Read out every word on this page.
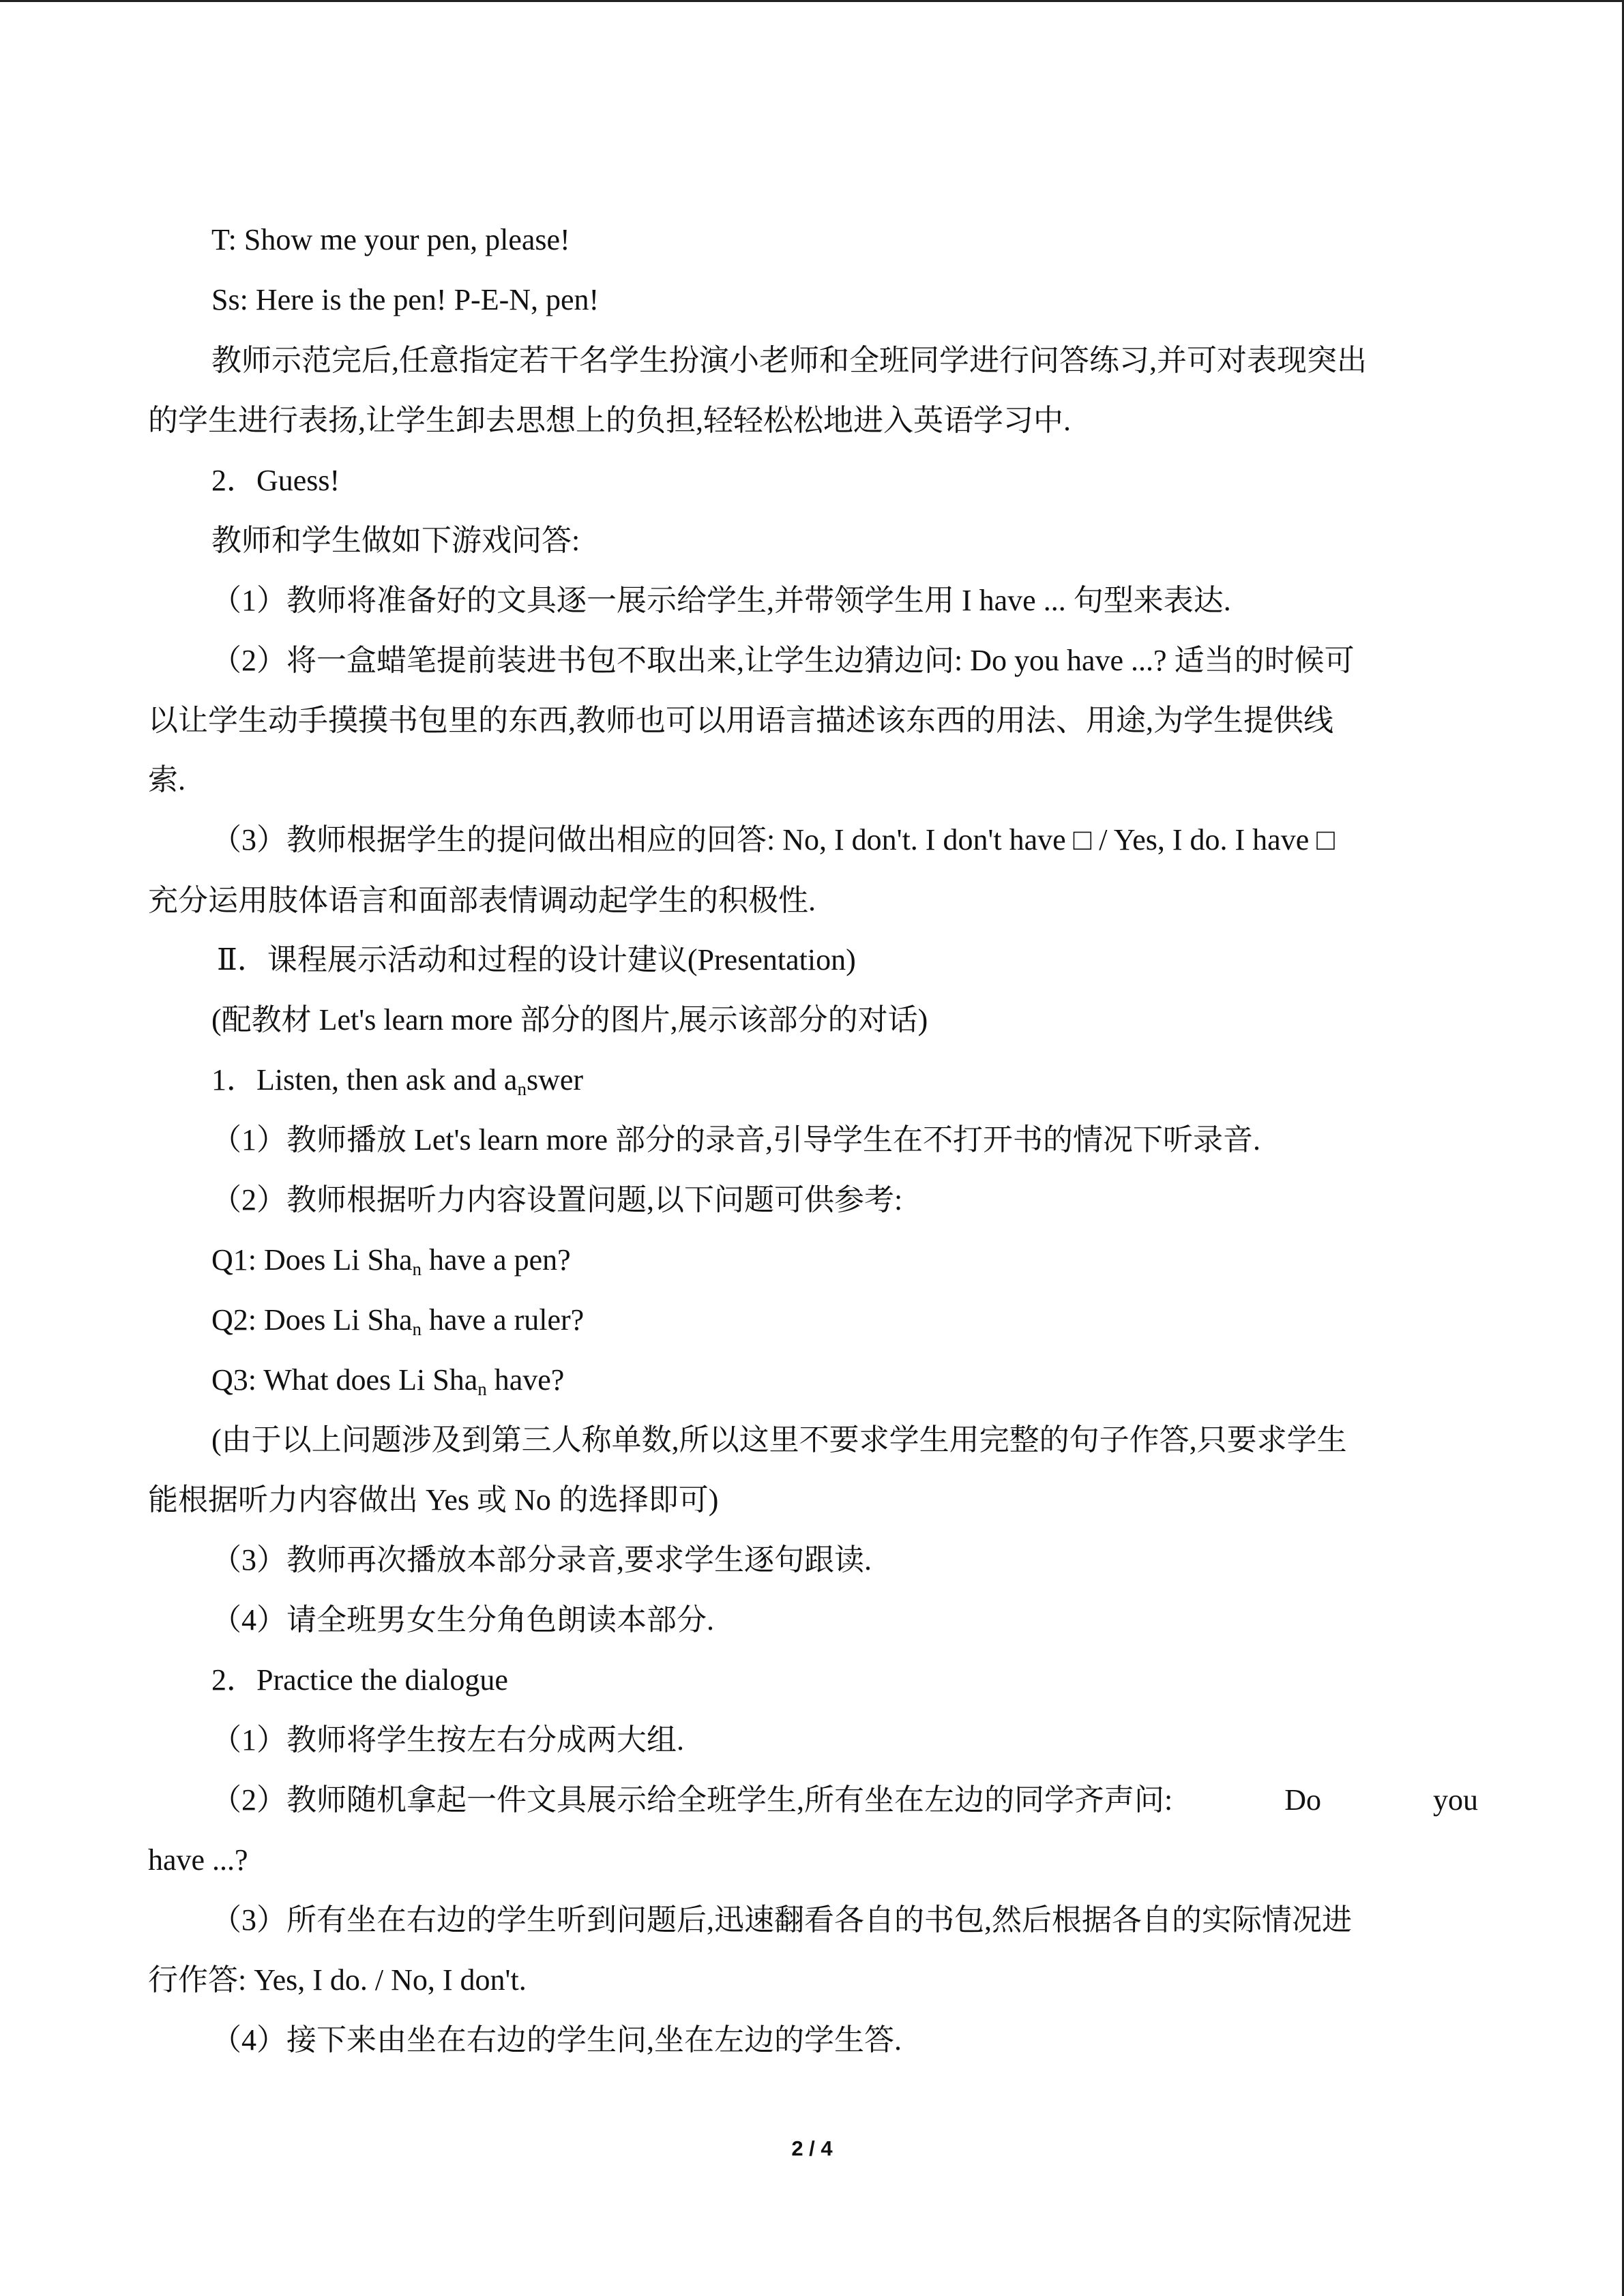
T: Show me your pen, please!
Ss: Here is the pen! P-E-N, pen!
教师示范完后,任意指定若干名学生扮演小老师和全班同学进行问答练习,并可对表现突出
的学生进行表扬,让学生卸去思想上的负担,轻轻松松地进入英语学习中.
2．Guess!
教师和学生做如下游戏问答:
（1）教师将准备好的文具逐一展示给学生,并带领学生用 I have ... 句型来表达.
（2）将一盒蜡笔提前装进书包不取出来,让学生边猜边问: Do you have ...? 适当的时候可
以让学生动手摸摸书包里的东西,教师也可以用语言描述该东西的用法、用途,为学生提供线
索.
（3）教师根据学生的提问做出相应的回答: No, I don't. I don't have □ / Yes, I do. I have □
充分运用肢体语言和面部表情调动起学生的积极性.
Ⅱ．课程展示活动和过程的设计建议(Presentation)
(配教材 Let's learn more 部分的图片,展示该部分的对话)
1．Listen, then ask and $a_nswer$
（1）教师播放 Let's learn more 部分的录音,引导学生在不打开书的情况下听录音.
（2）教师根据听力内容设置问题,以下问题可供参考:
Q1: Does Li Sha$_n$ have a pen?
Q2: Does Li Sha$_n$ have a ruler?
Q3: What does Li Sha$_n$ have?
(由于以上问题涉及到第三人称单数,所以这里不要求学生用完整的句子作答,只要求学生
能根据听力内容做出 Yes 或 No 的选择即可)
（3）教师再次播放本部分录音,要求学生逐句跟读.
（4）请全班男女生分角色朗读本部分.
2．Practice the dialogue
（1）教师将学生按左右分成两大组.
（2）教师随机拿起一件文具展示给全班学生,所有坐在左边的同学齐声问:	Do	you
have ...?
（3）所有坐在右边的学生听到问题后,迅速翻看各自的书包,然后根据各自的实际情况进
行作答: Yes, I do. / No, I don't.
（4）接下来由坐在右边的学生问,坐在左边的学生答.
2 / 4
